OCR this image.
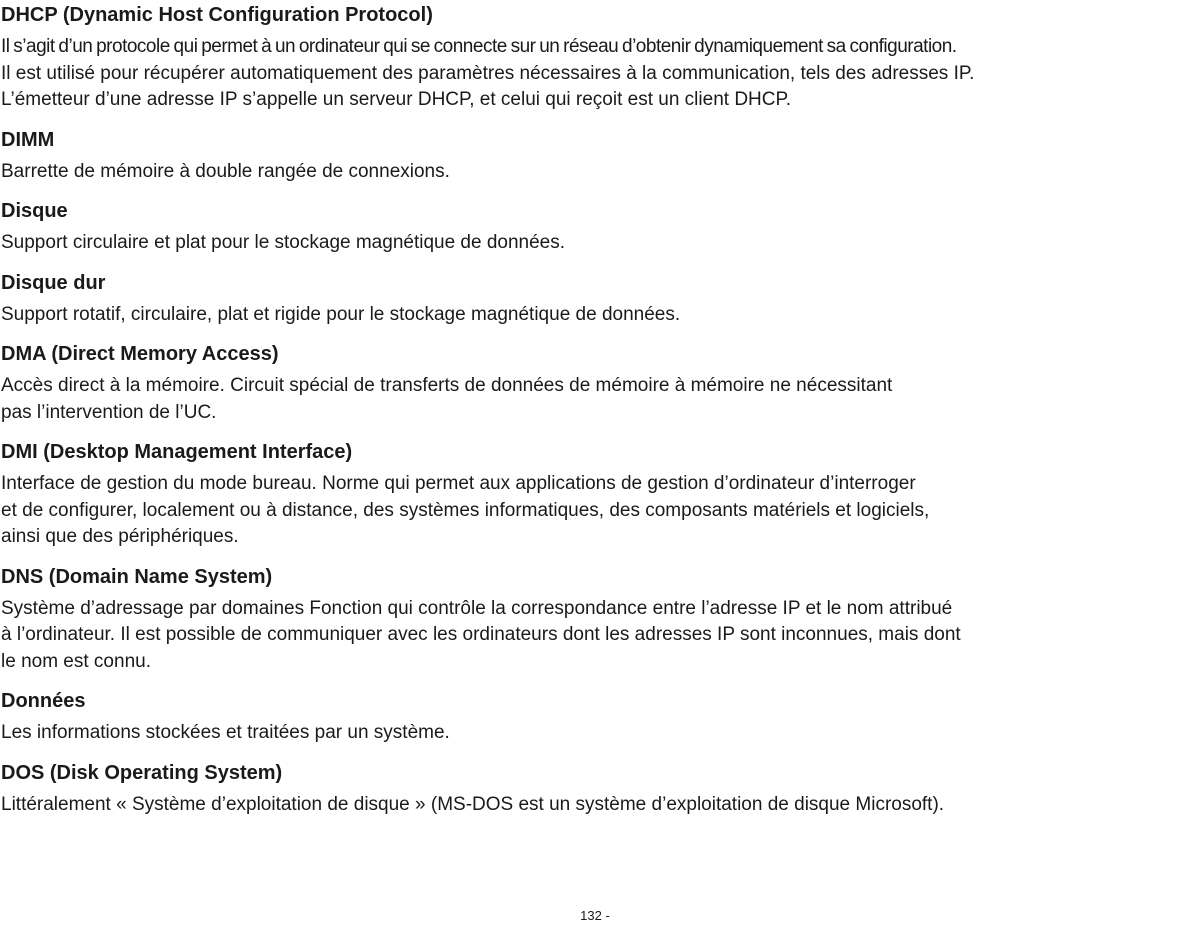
DHCP (Dynamic Host Configuration Protocol)

Il s’agit d’un protocole qui permet à un ordinateur qui se connecte sur un réseau d’obtenir dynamiquement sa configuration.
Il est utilisé pour récupérer automatiquement des paramètres nécessaires à la communication, tels des adresses IP.
L’émetteur d’une adresse IP s’appelle un serveur DHCP, et celui qui reçoit est un client DHCP.

DIMM

Barrette de mémoire à double rangée de connexions.

Disque

Support circulaire et plat pour le stockage magnétique de données.

Disque dur

Support rotatif, circulaire, plat et rigide pour le stockage magnétique de données.

DMA (Direct Memory Access)

Accès direct à la mémoire. Circuit spécial de transferts de données de mémoire à mémoire ne nécessitant
pas l’intervention de l’UC.

DMI (Desktop Management Interface)

Interface de gestion du mode bureau. Norme qui permet aux applications de gestion d’ordinateur d’interroger
et de configurer, localement ou à distance, des systèmes informatiques, des composants matériels et logiciels,
ainsi que des périphériques.

DNS (Domain Name System)

Système d’adressage par domaines Fonction qui contrôle la correspondance entre l’adresse IP et le nom attribué
à l’ordinateur. Il est possible de communiquer avec les ordinateurs dont les adresses IP sont inconnues, mais dont
le nom est connu.

Données

Les informations stockées et traitées par un système.

DOS (Disk Operating System)

Littéralement « Système d’exploitation de disque » (MS-DOS est un système d’exploitation de disque Microsoft).

132 -
